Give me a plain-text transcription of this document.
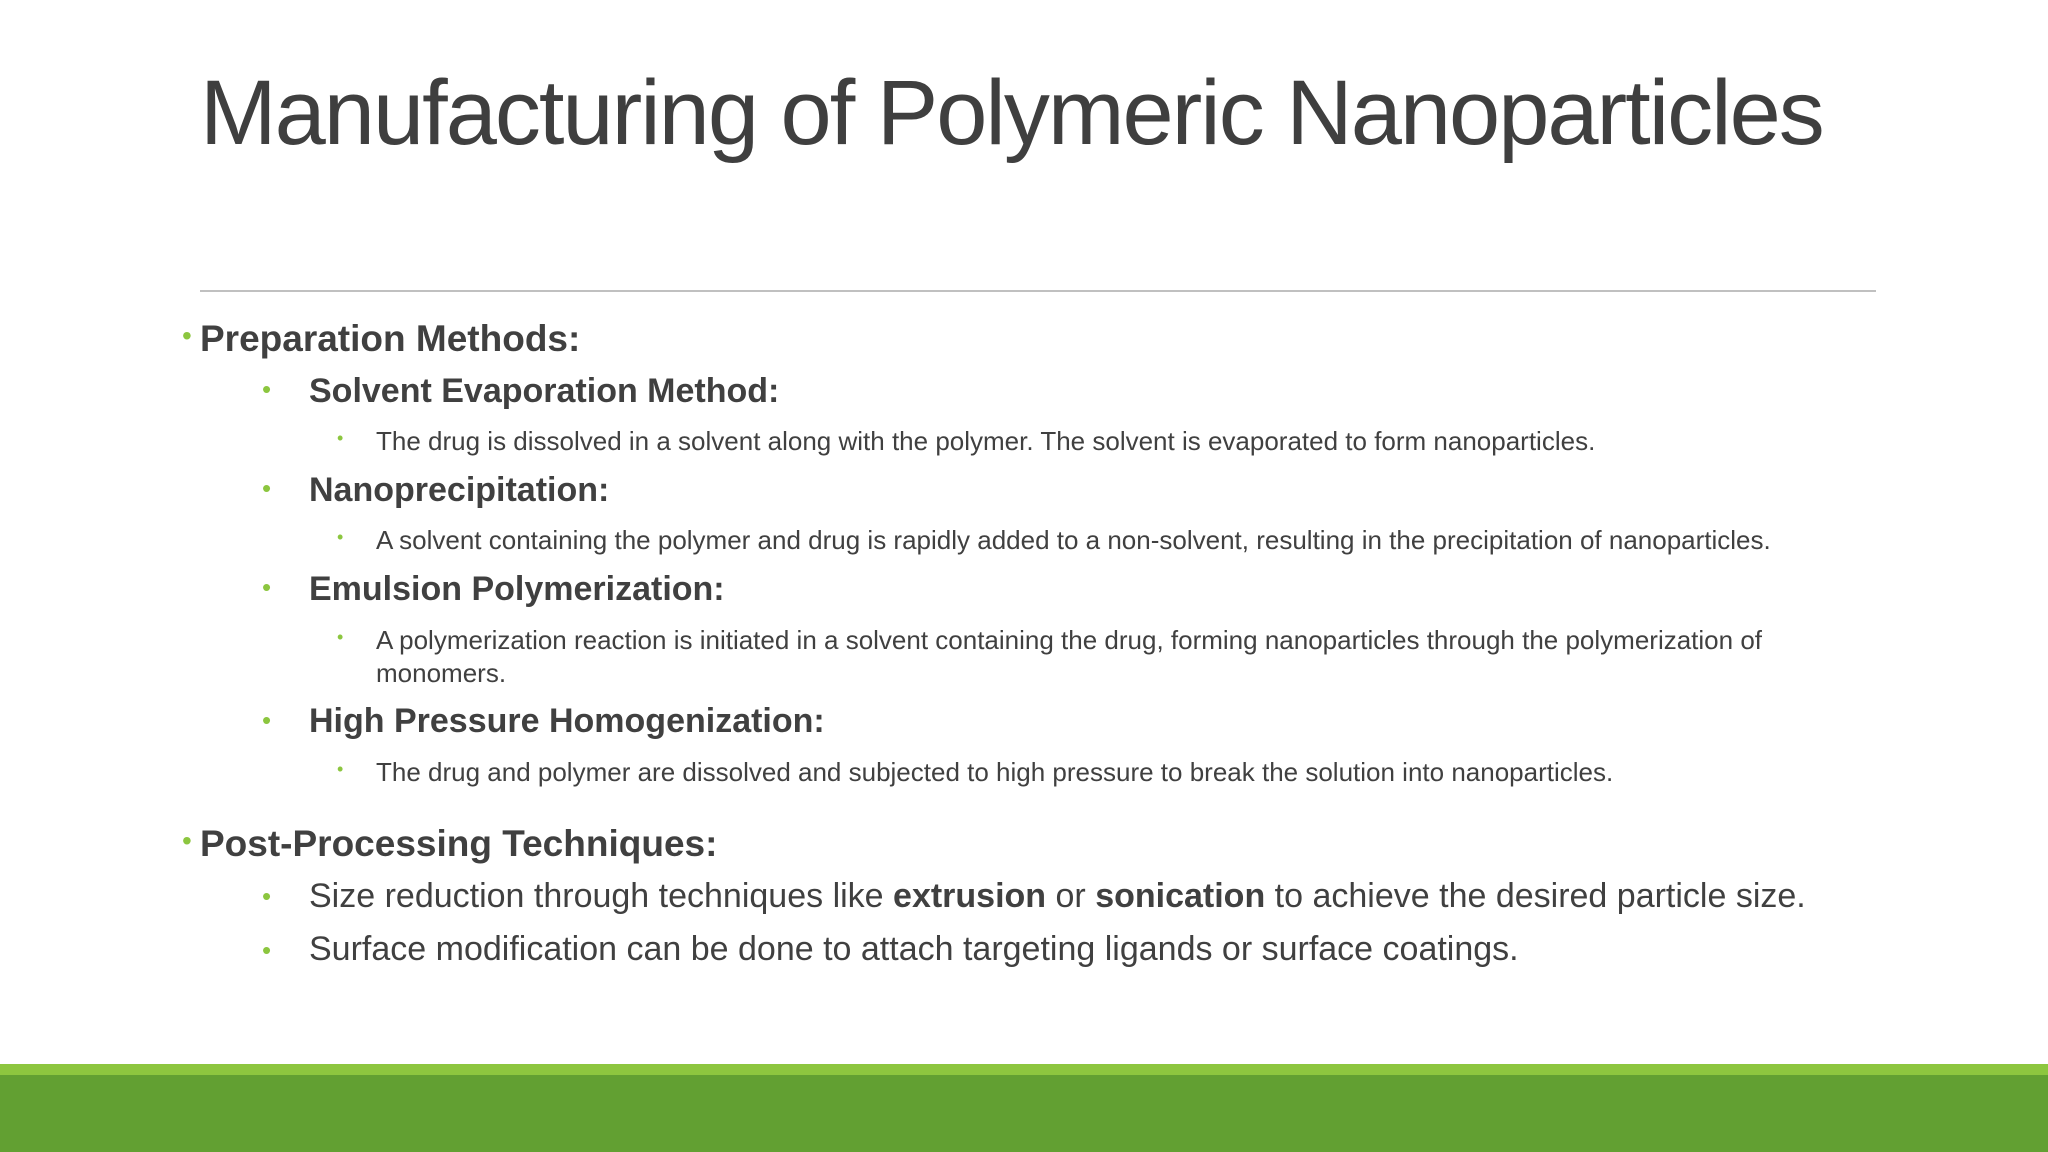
Manufacturing of Polymeric Nanoparticles
• Preparation Methods:
• Solvent Evaporation Method:
• The drug is dissolved in a solvent along with the polymer. The solvent is evaporated to form nanoparticles.
• Nanoprecipitation:
• A solvent containing the polymer and drug is rapidly added to a non-solvent, resulting in the precipitation of nanoparticles.
• Emulsion Polymerization:
• A polymerization reaction is initiated in a solvent containing the drug, forming nanoparticles through the polymerization of
monomers.
• High Pressure Homogenization:
• The drug and polymer are dissolved and subjected to high pressure to break the solution into nanoparticles.
• Post-Processing Techniques:
• Size reduction through techniques like extrusion or sonication to achieve the desired particle size.
• Surface modification can be done to attach targeting ligands or surface coatings.
